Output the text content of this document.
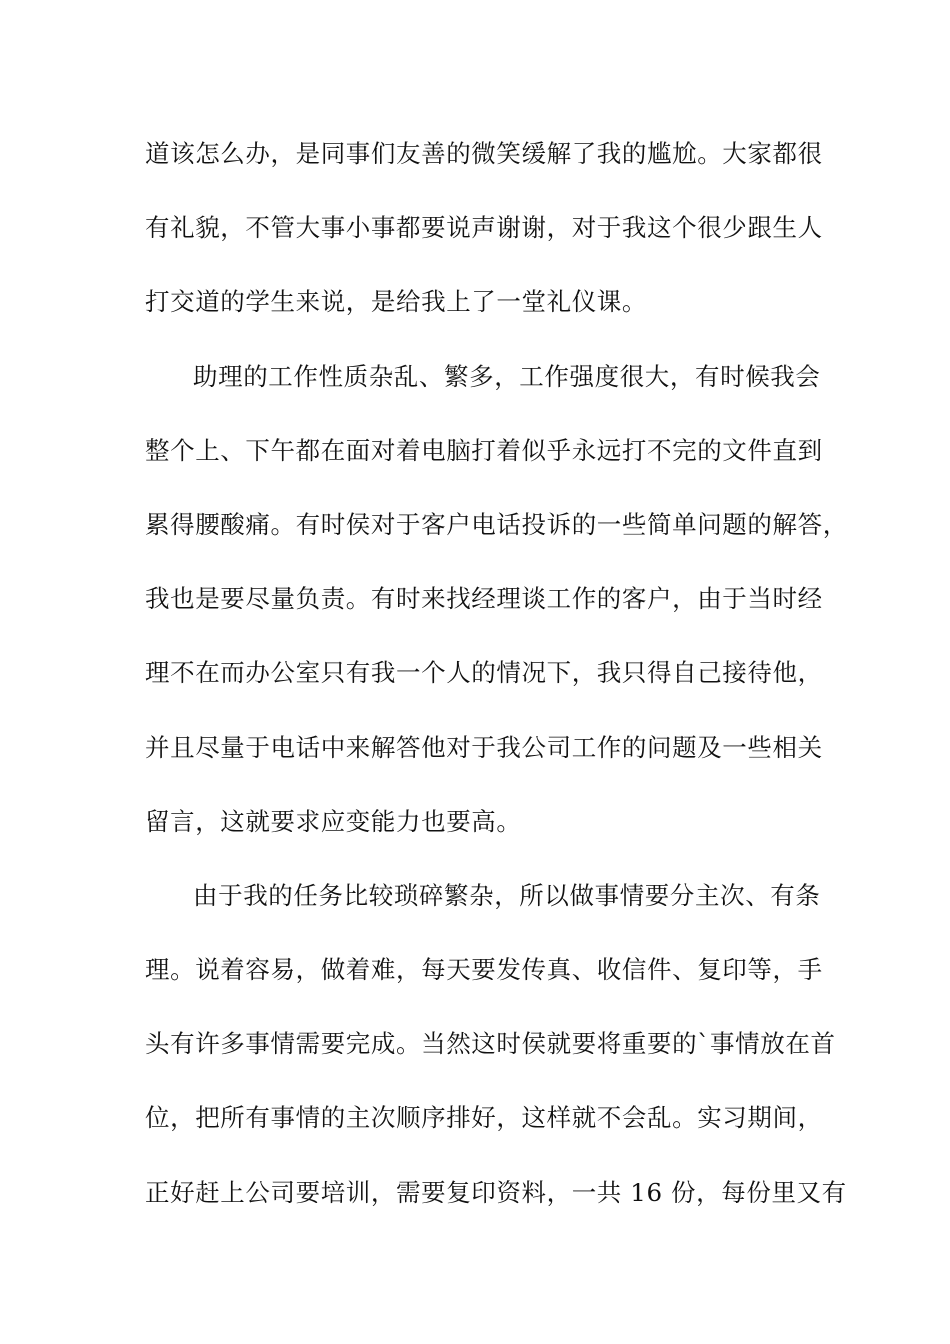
道该怎么办，是同事们友善的微笑缓解了我的尴尬。大家都很
有礼貌，不管大事小事都要说声谢谢，对于我这个很少跟生人
打交道的学生来说，是给我上了一堂礼仪课。
助理的工作性质杂乱、繁多，工作强度很大，有时候我会
整个上、下午都在面对着电脑打着似乎永远打不完的文件直到
累得腰酸痛。有时侯对于客户电话投诉的一些简单问题的解答，
我也是要尽量负责。有时来找经理谈工作的客户，由于当时经
理不在而办公室只有我一个人的情况下，我只得自己接待他，
并且尽量于电话中来解答他对于我公司工作的问题及一些相关
留言，这就要求应变能力也要高。
由于我的任务比较琐碎繁杂，所以做事情要分主次、有条
理。说着容易，做着难，每天要发传真、收信件、复印等，手
头有许多事情需要完成。当然这时侯就要将重要的`事情放在首
位，把所有事情的主次顺序排好，这样就不会乱。实习期间，
正好赶上公司要培训，需要复印资料，一共 16 份，每份里又有
